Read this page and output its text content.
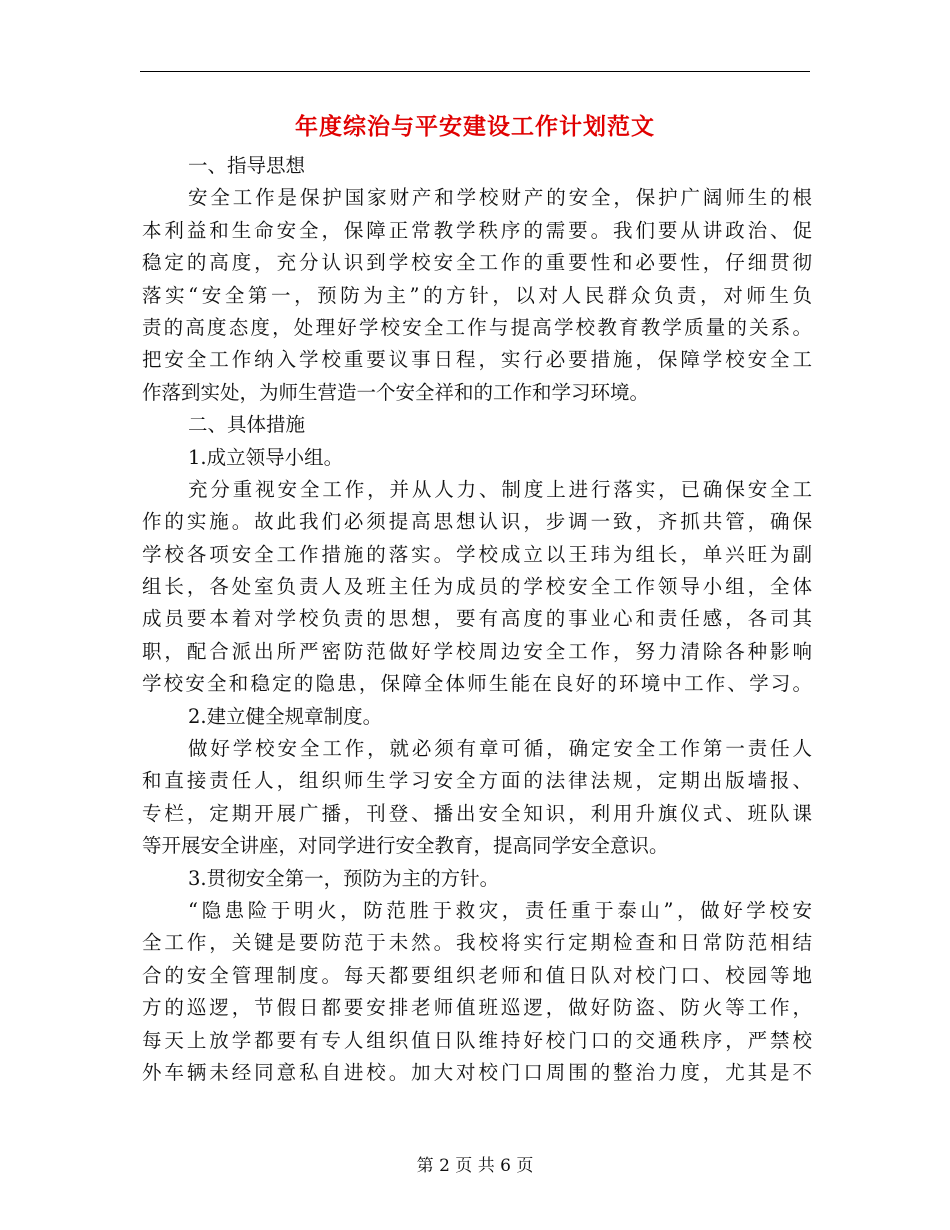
年度综治与平安建设工作计划范文
一、指导思想
安全工作是保护国家财产和学校财产的安全，保护广阔师生的根
本利益和生命安全，保障正常教学秩序的需要。我们要从讲政治、促
稳定的高度，充分认识到学校安全工作的重要性和必要性，仔细贯彻
落实“安全第一，预防为主”的方针，以对人民群众负责，对师生负
责的高度态度，处理好学校安全工作与提高学校教育教学质量的关系。
把安全工作纳入学校重要议事日程，实行必要措施，保障学校安全工
作落到实处，为师生营造一个安全祥和的工作和学习环境。
二、具体措施
1.成立领导小组。
充分重视安全工作，并从人力、制度上进行落实，已确保安全工
作的实施。故此我们必须提高思想认识，步调一致，齐抓共管，确保
学校各项安全工作措施的落实。学校成立以王玮为组长，单兴旺为副
组长，各处室负责人及班主任为成员的学校安全工作领导小组，全体
成员要本着对学校负责的思想，要有高度的事业心和责任感，各司其
职，配合派出所严密防范做好学校周边安全工作，努力清除各种影响
学校安全和稳定的隐患，保障全体师生能在良好的环境中工作、学习。
2.建立健全规章制度。
做好学校安全工作，就必须有章可循，确定安全工作第一责任人
和直接责任人，组织师生学习安全方面的法律法规，定期出版墙报、
专栏，定期开展广播，刊登、播出安全知识，利用升旗仪式、班队课
等开展安全讲座，对同学进行安全教育，提高同学安全意识。
3.贯彻安全第一，预防为主的方针。
“隐患险于明火，防范胜于救灾，责任重于泰山”，做好学校安
全工作，关键是要防范于未然。我校将实行定期检查和日常防范相结
合的安全管理制度。每天都要组织老师和值日队对校门口、校园等地
方的巡逻，节假日都要安排老师值班巡逻，做好防盗、防火等工作，
每天上放学都要有专人组织值日队维持好校门口的交通秩序，严禁校
外车辆未经同意私自进校。加大对校门口周围的整治力度，尤其是不
第 2 页 共 6 页
